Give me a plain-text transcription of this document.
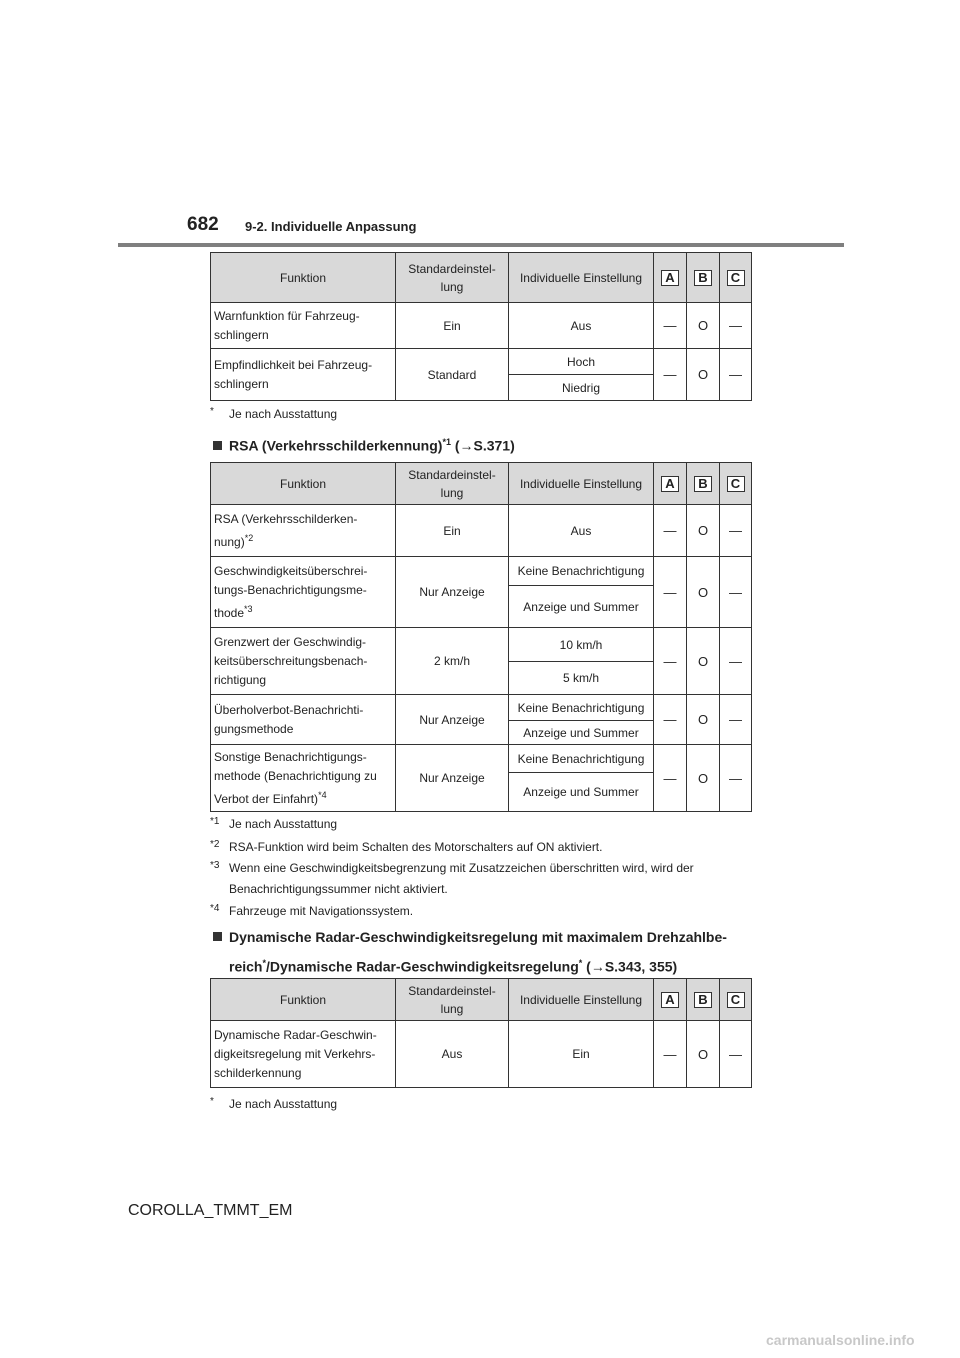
682 9-2. Individuelle Anpassung
Funktion	Standardeinstel-lung	Individuelle Einstellung	A	B	C
Warnfunktion für Fahrzeug-schlingern	Ein	Aus	—	O	—
Empfindlichkeit bei Fahrzeug-schlingern	Standard	Hoch	—	O	—
		Niedrig			
* Je nach Ausstattung
RSA (Verkehrsschilderkennung)$^{*1}$ (→S.371)
Funktion	Standardeinstel-lung	Individuelle Einstellung	A	B	C
RSA (Verkehrsschilderken-nung)$^{*2}$	Ein	Aus	—	O	—
Geschwindigkeitsüberschrei-tungs-Benachrichtigungsme-thode$^{*3}$	Nur Anzeige	Keine Benachrichtigung	—	O	—
		Anzeige und Summer			
Grenzwert der Geschwindig-keitsüberschreitungsbenach-richtigung	2 km/h	10 km/h	—	O	—
		5 km/h			
Überholverbot-Benachrichti-gungsmethode	Nur Anzeige	Keine Benachrichtigung	—	O	—
		Anzeige und Summer			
Sonstige Benachrichtigungs-methode (Benachrichtigung zu Verbot der Einfahrt)$^{*4}$	Nur Anzeige	Keine Benachrichtigung	—	O	—
		Anzeige und Summer			
*1 Je nach Ausstattung
*2 RSA-Funktion wird beim Schalten des Motorschalters auf ON aktiviert.
*3 Wenn eine Geschwindigkeitsbegrenzung mit Zusatzzeichen überschritten wird, wird der Benachrichtigungssummer nicht aktiviert.
*4 Fahrzeuge mit Navigationssystem.
Dynamische Radar-Geschwindigkeitsregelung mit maximalem Drehzahlbe-
reich*/Dynamische Radar-Geschwindigkeitsregelung* (→S.343, 355)
Funktion	Standardeinstel-lung	Individuelle Einstellung	A	B	C
Dynamische Radar-Geschwin-digkeitsregelung mit Verkehrs-schilderkennung	Aus	Ein	—	O	—
* Je nach Ausstattung
COROLLA_TMMT_EM
carmanualsonline.info
